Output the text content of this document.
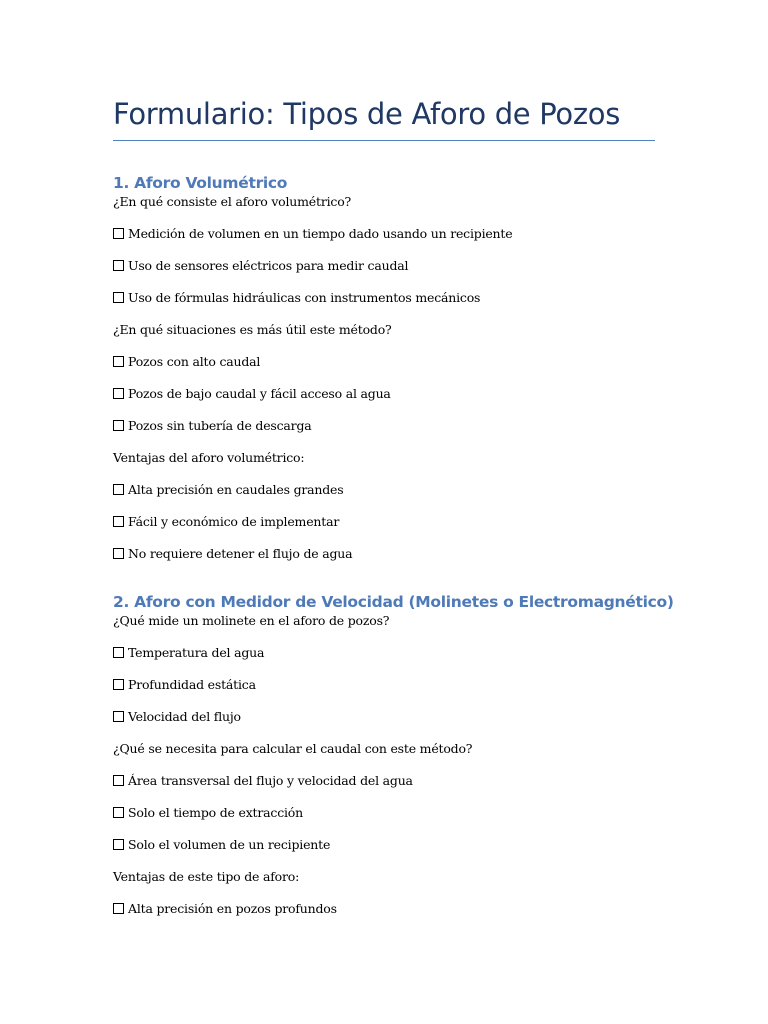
Formulario: Tipos de Aforo de Pozos
1. Aforo Volumétrico
¿En qué consiste el aforo volumétrico?
Medición de volumen en un tiempo dado usando un recipiente
Uso de sensores eléctricos para medir caudal
Uso de fórmulas hidráulicas con instrumentos mecánicos
¿En qué situaciones es más útil este método?
Pozos con alto caudal
Pozos de bajo caudal y fácil acceso al agua
Pozos sin tubería de descarga
Ventajas del aforo volumétrico:
Alta precisión en caudales grandes
Fácil y económico de implementar
No requiere detener el flujo de agua
2. Aforo con Medidor de Velocidad (Molinetes o Electromagnético)
¿Qué mide un molinete en el aforo de pozos?
Temperatura del agua
Profundidad estática
Velocidad del flujo
¿Qué se necesita para calcular el caudal con este método?
Área transversal del flujo y velocidad del agua
Solo el tiempo de extracción
Solo el volumen de un recipiente
Ventajas de este tipo de aforo:
Alta precisión en pozos profundos
